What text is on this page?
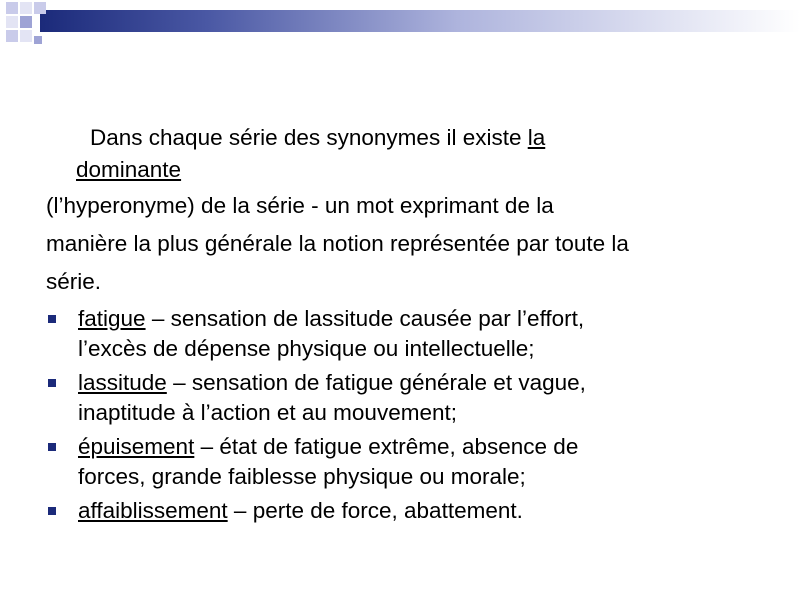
Dans chaque série des synonymes il existe la
dominante
(l’hyperonyme) de la série - un mot exprimant de la
manière la plus générale la notion représentée par toute la
série.

fatigue – sensation de lassitude causée par l’effort,
l’excès de dépense physique ou intellectuelle;
lassitude – sensation de fatigue générale et vague,
inaptitude à l’action et au mouvement;
épuisement – état de fatigue extrême, absence de
forces, grande faiblesse physique ou morale;
affaiblissement – perte de force, abattement.
